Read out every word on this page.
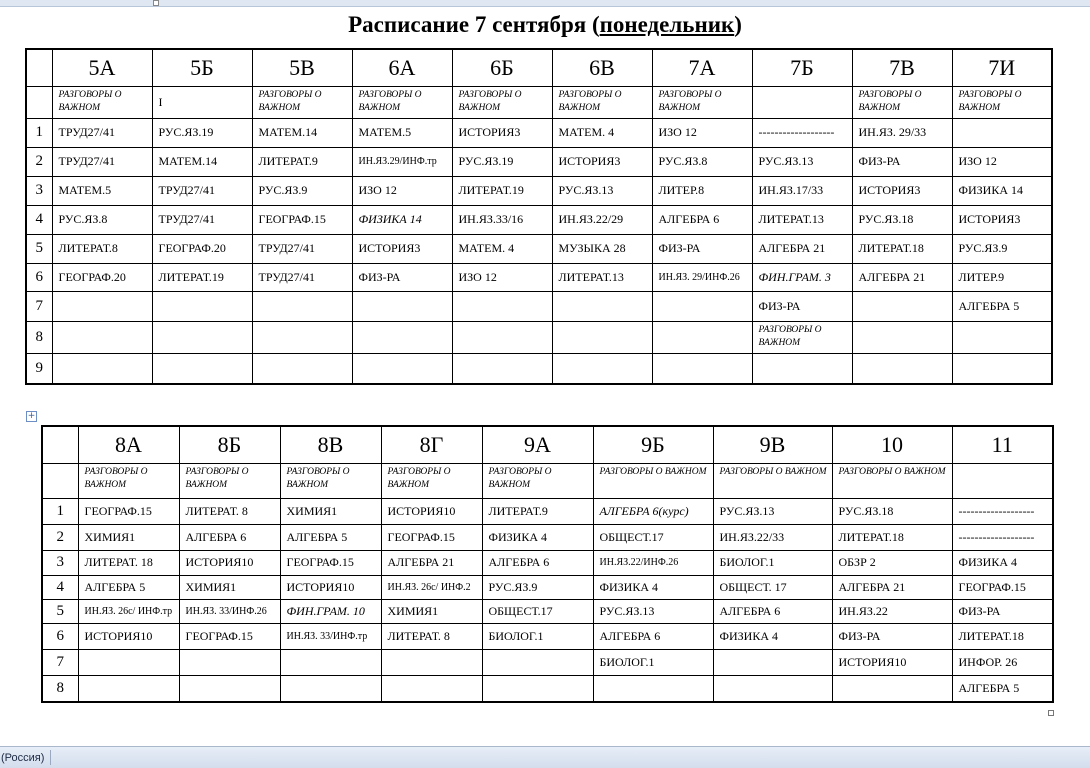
Расписание 7 сентября (понедельник)
	5А	5Б	5В	6А	6Б	6В	7А	7Б	7В	7И
	РАЗГОВОРЫ О ВАЖНОМ	I	РАЗГОВОРЫ О ВАЖНОМ	РАЗГОВОРЫ О ВАЖНОМ	РАЗГОВОРЫ О ВАЖНОМ	РАЗГОВОРЫ О ВАЖНОМ	РАЗГОВОРЫ О ВАЖНОМ		РАЗГОВОРЫ О ВАЖНОМ	РАЗГОВОРЫ О ВАЖНОМ
1	ТРУД27/41	РУС.ЯЗ.19	МАТЕМ.14	МАТЕМ.5	ИСТОРИЯ3	МАТЕМ. 4	ИЗО 12	-------------------	ИН.ЯЗ. 29/33	
2	ТРУД27/41	МАТЕМ.14	ЛИТЕРАТ.9	ИН.ЯЗ.29/ИНФ.тр	РУС.ЯЗ.19	ИСТОРИЯ3	РУС.ЯЗ.8	РУС.ЯЗ.13	ФИЗ-РА	ИЗО 12
3	МАТЕМ.5	ТРУД27/41	РУС.ЯЗ.9	ИЗО 12	ЛИТЕРАТ.19	РУС.ЯЗ.13	ЛИТЕР.8	ИН.ЯЗ.17/33	ИСТОРИЯ3	ФИЗИКА 14
4	РУС.ЯЗ.8	ТРУД27/41	ГЕОГРАФ.15	ФИЗИКА 14	ИН.ЯЗ.33/16	ИН.ЯЗ.22/29	АЛГЕБРА 6	ЛИТЕРАТ.13	РУС.ЯЗ.18	ИСТОРИЯ3
5	ЛИТЕРАТ.8	ГЕОГРАФ.20	ТРУД27/41	ИСТОРИЯ3	МАТЕМ. 4	МУЗЫКА 28	ФИЗ-РА	АЛГЕБРА 21	ЛИТЕРАТ.18	РУС.ЯЗ.9
6	ГЕОГРАФ.20	ЛИТЕРАТ.19	ТРУД27/41	ФИЗ-РА	ИЗО 12	ЛИТЕРАТ.13	ИН.ЯЗ. 29/ИНФ.26	ФИН.ГРАМ. 3	АЛГЕБРА 21	ЛИТЕР.9
7								ФИЗ-РА		АЛГЕБРА 5
8								РАЗГОВОРЫ О ВАЖНОМ		
9										
+
	8А	8Б	8В	8Г	9А	9Б	9В	10	11
	РАЗГОВОРЫ О ВАЖНОМ	РАЗГОВОРЫ О ВАЖНОМ	РАЗГОВОРЫ О ВАЖНОМ	РАЗГОВОРЫ О ВАЖНОМ	РАЗГОВОРЫ О ВАЖНОМ	РАЗГОВОРЫ О ВАЖНОМ	РАЗГОВОРЫ О ВАЖНОМ	РАЗГОВОРЫ О ВАЖНОМ	
1	ГЕОГРАФ.15	ЛИТЕРАТ. 8	ХИМИЯ1	ИСТОРИЯ10	ЛИТЕРАТ.9	АЛГЕБРА 6(курс)	РУС.ЯЗ.13	РУС.ЯЗ.18	-------------------
2	ХИМИЯ1	АЛГЕБРА 6	АЛГЕБРА 5	ГЕОГРАФ.15	ФИЗИКА 4	ОБЩЕСТ.17	ИН.ЯЗ.22/33	ЛИТЕРАТ.18	-------------------
3	ЛИТЕРАТ. 18	ИСТОРИЯ10	ГЕОГРАФ.15	АЛГЕБРА 21	АЛГЕБРА 6	ИН.ЯЗ.22/ИНФ.26	БИОЛОГ.1	ОБЗР 2	ФИЗИКА 4
4	АЛГЕБРА 5	ХИМИЯ1	ИСТОРИЯ10	ИН.ЯЗ. 26с/ ИНФ.2	РУС.ЯЗ.9	ФИЗИКА 4	ОБЩЕСТ. 17	АЛГЕБРА 21	ГЕОГРАФ.15
5	ИН.ЯЗ. 26с/ ИНФ.тр	ИН.ЯЗ. 33/ИНФ.26	ФИН.ГРАМ. 10	ХИМИЯ1	ОБЩЕСТ.17	РУС.ЯЗ.13	АЛГЕБРА 6	ИН.ЯЗ.22	ФИЗ-РА
6	ИСТОРИЯ10	ГЕОГРАФ.15	ИН.ЯЗ. 33/ИНФ.тр	ЛИТЕРАТ. 8	БИОЛОГ.1	АЛГЕБРА 6	ФИЗИКА 4	ФИЗ-РА	ЛИТЕРАТ.18
7						БИОЛОГ.1		ИСТОРИЯ10	ИНФОР. 26
8									АЛГЕБРА 5
(Россия)
